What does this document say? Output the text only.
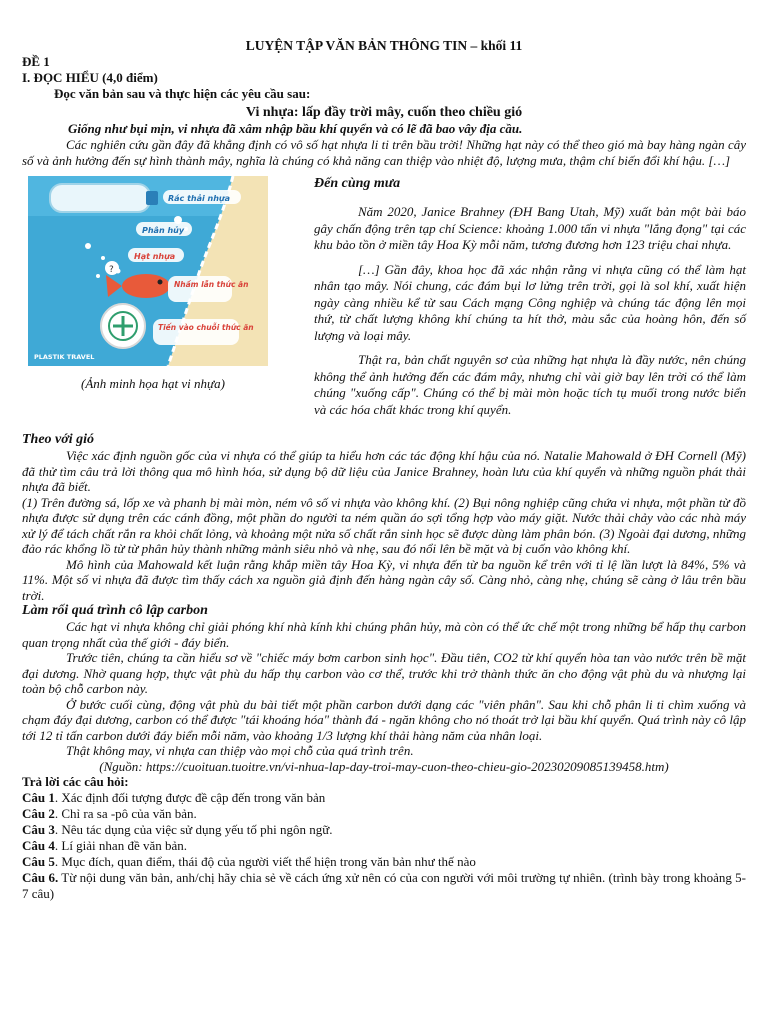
LUYỆN TẬP VĂN BẢN THÔNG TIN – khối 11

ĐỀ 1

I. ĐỌC HIỂU (4,0 điểm)

Đọc văn bản sau và thực hiện các yêu cầu sau:

Vi nhựa: lấp đầy trời mây, cuốn theo chiều gió

Giống như bụi mịn, vi nhựa đã xâm nhập bầu khí quyển và có lẽ đã bao vây địa cầu.

Các nghiên cứu gần đây đã khẳng định có vô số hạt nhựa li ti trên bầu trời! Những hạt này có thể theo gió mà bay hàng ngàn cây số và ảnh hưởng đến sự hình thành mây, nghĩa là chúng có khả năng can thiệp vào nhiệt độ, lượng mưa, thậm chí biến đổi khí hậu. […]

?
Rác thải nhựa
Phân hủy
Hạt nhựa
Nhầm lẫn thức ăn
Tiến vào chuỗi thức ăn
PLASTIK TRAVEL

(Ảnh minh họa hạt vi nhựa)

Đến cùng mưa

Năm 2020, Janice Brahney (ĐH Bang Utah, Mỹ) xuất bản một bài báo gây chấn động trên tạp chí Science: khoảng 1.000 tấn vi nhựa "lắng đọng" tại các khu bảo tồn ở miền tây Hoa Kỳ mỗi năm, tương đương hơn 123 triệu chai nhựa.

[…] Gần đây, khoa học đã xác nhận rằng vi nhựa cũng có thể làm hạt nhân tạo mây. Nói chung, các đám bụi lơ lửng trên trời, gọi là sol khí, xuất hiện ngày càng nhiều kể từ sau Cách mạng Công nghiệp và chúng tác động lên mọi thứ, từ chất lượng không khí chúng ta hít thở, màu sắc của hoàng hôn, đến số lượng và loại mây.

Thật ra, bản chất nguyên sơ của những hạt nhựa là đầy nước, nên chúng không thể ảnh hưởng đến các đám mây, nhưng chỉ vài giờ bay lên trời có thể làm chúng "xuống cấp". Chúng có thể bị mài mòn hoặc tích tụ muối trong nước biển và các hóa chất khác trong khí quyển.

Theo với gió

Việc xác định nguồn gốc của vi nhựa có thể giúp ta hiểu hơn các tác động khí hậu của nó. Natalie Mahowald ở ĐH Cornell (Mỹ) đã thử tìm câu trả lời thông qua mô hình hóa, sử dụng bộ dữ liệu của Janice Brahney, hoàn lưu của khí quyển và những nguồn phát thải nhựa đã biết.

(1) Trên đường sá, lốp xe và phanh bị mài mòn, ném vô số vi nhựa vào không khí. (2) Bụi nông nghiệp cũng chứa vi nhựa, một phần từ đồ nhựa được sử dụng trên các cánh đồng, một phần do người ta ném quần áo sợi tổng hợp vào máy giặt. Nước thải chảy vào các nhà máy xử lý để tách chất rắn ra khỏi chất lỏng, và khoảng một nửa số chất rắn sinh học sẽ được dùng làm phân bón. (3) Ngoài đại dương, những đảo rác khổng lồ từ từ phân hủy thành những mảnh siêu nhỏ và nhẹ, sau đó nổi lên bề mặt và bị cuốn vào không khí.

Mô hình của Mahowald kết luận rằng khắp miền tây Hoa Kỳ, vi nhựa đến từ ba nguồn kể trên với tỉ lệ lần lượt là 84%, 5% và 11%. Một số vi nhựa đã được tìm thấy cách xa nguồn giả định đến hàng ngàn cây số. Càng nhỏ, càng nhẹ, chúng sẽ càng ở lâu trên bầu trời.

Làm rối quá trình cô lập carbon

Các hạt vi nhựa không chỉ giải phóng khí nhà kính khi chúng phân hủy, mà còn có thể ức chế một trong những bể hấp thụ carbon quan trọng nhất của thế giới - đáy biển.

Trước tiên, chúng ta cần hiểu sơ về "chiếc máy bơm carbon sinh học". Đầu tiên, CO2 từ khí quyển hòa tan vào nước trên bề mặt đại dương. Nhờ quang hợp, thực vật phù du hấp thụ carbon vào cơ thể, trước khi trở thành thức ăn cho động vật phù du và nhượng lại toàn bộ chỗ carbon này.

Ở bước cuối cùng, động vật phù du bài tiết một phần carbon dưới dạng các "viên phân". Sau khi chỗ phân li ti chìm xuống và chạm đáy đại dương, carbon có thể được "tái khoáng hóa" thành đá - ngăn không cho nó thoát trở lại bầu khí quyển. Quá trình này cô lập tới 12 tỉ tấn carbon dưới đáy biển mỗi năm, vào khoảng 1/3 lượng khí thải hàng năm của nhân loại.

Thật không may, vi nhựa can thiệp vào mọi chỗ của quá trình trên.

(Nguồn: https://cuoituan.tuoitre.vn/vi-nhua-lap-day-troi-may-cuon-theo-chieu-gio-20230209085139458.htm)

Trả lời các câu hỏi:

Câu 1. Xác định đối tượng được đề cập đến trong văn bản

Câu 2. Chỉ ra sa -pô của văn bản.

Câu 3. Nêu tác dụng của việc sử dụng yếu tố phi ngôn ngữ.

Câu 4. Lí giải nhan đề văn bản.

Câu 5. Mục đích, quan điểm, thái độ của người viết thể hiện trong văn bản như thế nào

Câu 6. Từ nội dung văn bản, anh/chị hãy chia sẻ về cách ứng xử nên có của con người với môi trường tự nhiên. (trình bày trong khoảng 5-7 câu)
